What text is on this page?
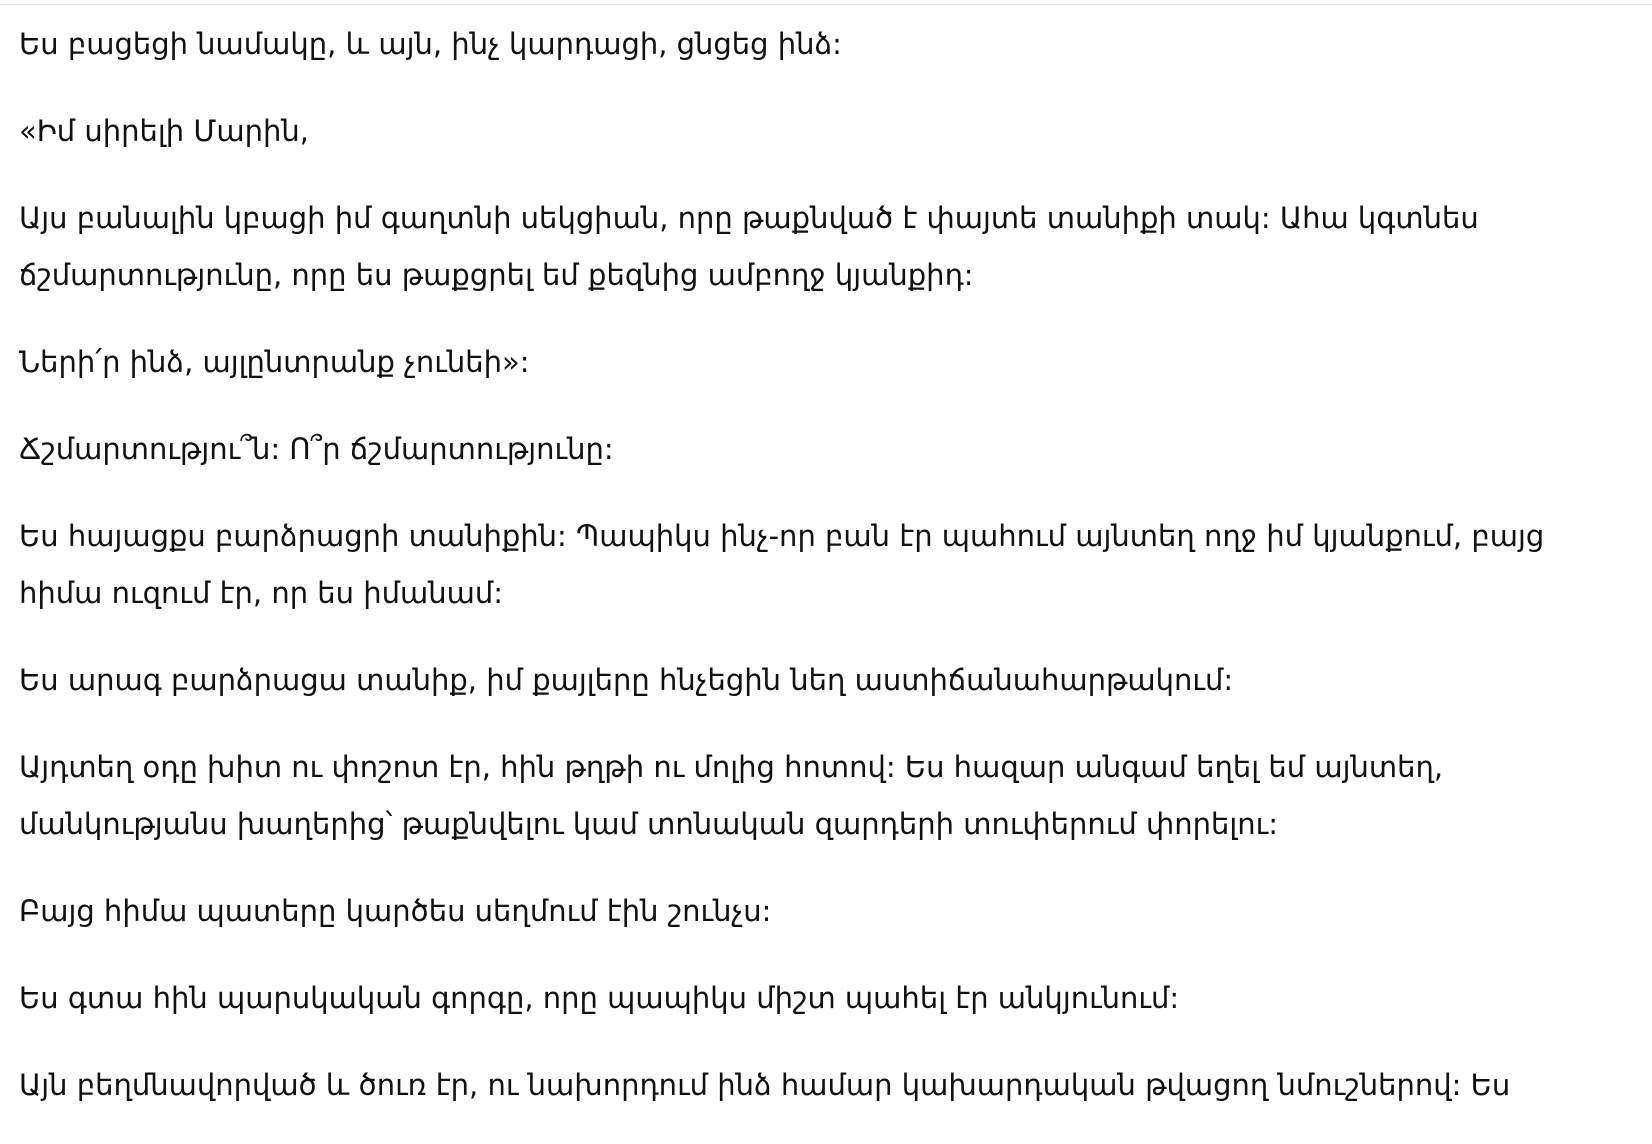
Ես բացեցի նամակը, և այն, ինչ կարդացի, ցնցեց ինձ:

«Իմ սիրելի Մարին,

Այս բանալին կբացի իմ գաղտնի սեկցիան, որը թաքնված է փայտե տանիքի տակ: Ահա կգտնես ճշմարտությունը, որը ես թաքցրել եմ քեզնից ամբողջ կյանքիդ:

Ների՛ր ինձ, այլընտրանք չունեի»:

Ճշմարտությու՞ն: Ո՞ր ճշմարտությունը:

Ես հայացքս բարձրացրի տանիքին: Պապիկս ինչ-որ բան էր պահում այնտեղ ողջ իմ կյանքում, բայց հիմա ուզում էր, որ ես իմանամ:

Ես արագ բարձրացա տանիք, իմ քայլերը հնչեցին նեղ աստիճանահարթակում:

Այդտեղ օդը խիտ ու փոշոտ էր, հին թղթի ու մոլից հոտով: Ես հազար անգամ եղել եմ այնտեղ, մանկությանս խաղերից՝ թաքնվելու կամ տոնական զարդերի տուփերում փորելու:

Բայց հիմա պատերը կարծես սեղմում էին շունչս:

Ես գտա հին պարսկական գորգը, որը պապիկս միշտ պահել էր անկյունում:

Այն բեղմնավորված և ծուռ էր, ու նախորդում ինձ համար կախարդական թվացող նմուշներով: Ես
